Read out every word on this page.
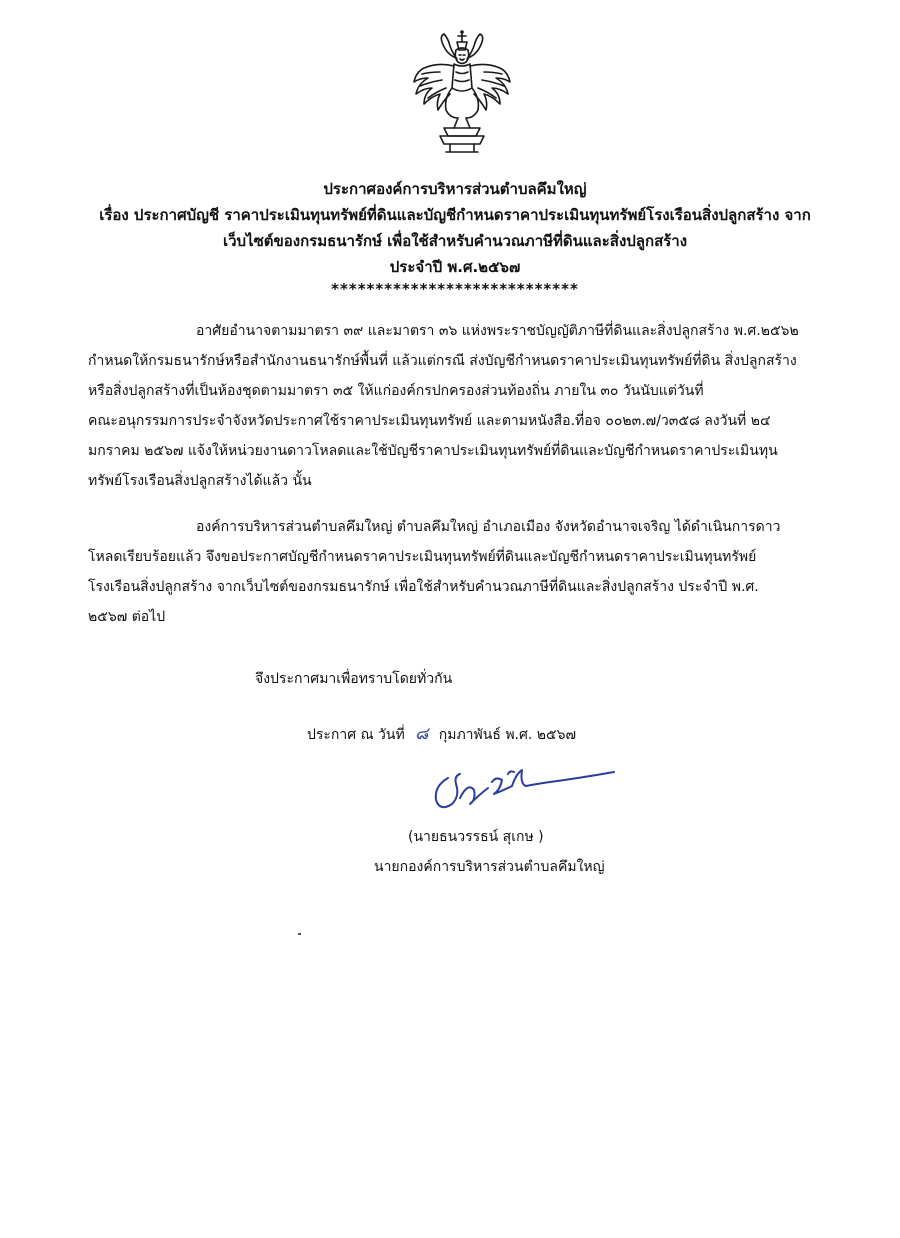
ประกาศองค์การบริหารส่วนตำบลคึมใหญ่
เรื่อง ประกาศบัญชี ราคาประเมินทุนทรัพย์ที่ดินและบัญชีกำหนดราคาประเมินทุนทรัพย์โรงเรือนสิ่งปลูกสร้าง จาก
เว็บไซต์ของกรมธนารักษ์ เพื่อใช้สำหรับคำนวณภาษีที่ดินและสิ่งปลูกสร้าง
ประจำปี พ.ศ.๒๕๖๗
****************************
อาศัยอำนาจตามมาตรา ๓๙ และมาตรา ๓๖ แห่งพระราชบัญญัติภาษีที่ดินและสิ่งปลูกสร้าง พ.ศ.๒๕๖๒
กำหนดให้กรมธนารักษ์หรือสำนักงานธนารักษ์พื้นที่ แล้วแต่กรณี ส่งบัญชีกำหนดราคาประเมินทุนทรัพย์ที่ดิน สิ่งปลูกสร้าง
หรือสิ่งปลูกสร้างที่เป็นห้องชุดตามมาตรา ๓๕ ให้แก่องค์กรปกครองส่วนท้องถิ่น ภายใน ๓๐ วันนับแต่วันที่
คณะอนุกรรมการประจำจังหวัดประกาศใช้ราคาประเมินทุนทรัพย์ และตามหนังสือ.ที่อจ ๐๐๒๓.๗/ว๓๕๘ ลงวันที่ ๒๔
มกราคม ๒๕๖๗ แจ้งให้หน่วยงานดาวโหลดและใช้บัญชีราคาประเมินทุนทรัพย์ที่ดินและบัญชีกำหนดราคาประเมินทุน
ทรัพย์โรงเรือนสิ่งปลูกสร้างได้แล้ว นั้น
องค์การบริหารส่วนตำบลคึมใหญ่ ตำบลคึมใหญ่ อำเภอเมือง จังหวัดอำนาจเจริญ ได้ดำเนินการดาว
โหลดเรียบร้อยแล้ว จึงขอประกาศบัญชีกำหนดราคาประเมินทุนทรัพย์ที่ดินและบัญชีกำหนดราคาประเมินทุนทรัพย์
โรงเรือนสิ่งปลูกสร้าง จากเว็บไซต์ของกรมธนารักษ์ เพื่อใช้สำหรับคำนวณภาษีที่ดินและสิ่งปลูกสร้าง ประจำปี พ.ศ.
๒๕๖๗ ต่อไป
จึงประกาศมาเพื่อทราบโดยทั่วกัน
ประกาศ ณ วันที่ ๘ กุมภาพันธ์ พ.ศ. ๒๕๖๗
(นายธนวรรธน์ สุเกษ )
นายกองค์การบริหารส่วนตำบลคึมใหญ่
